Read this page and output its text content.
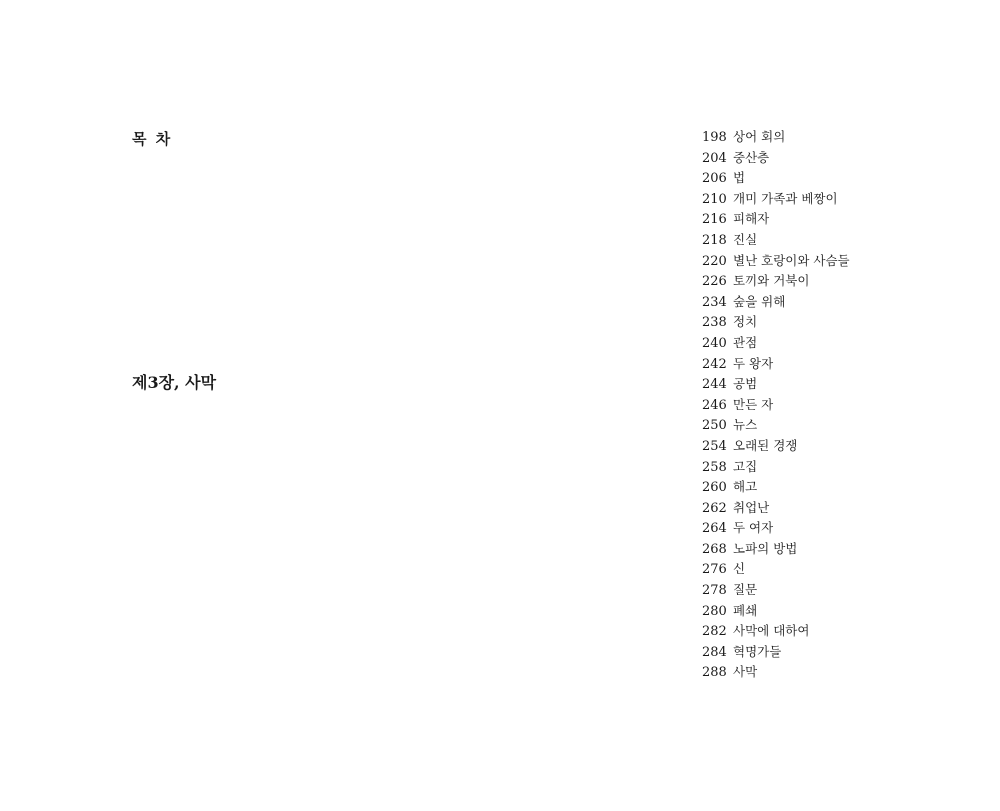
목 차
제3장, 사막
198 상어 회의
204 중산층
206 법
210 개미 가족과 베짱이
216 피해자
218 진실
220 별난 호랑이와 사슴들
226 토끼와 거북이
234 숲을 위해
238 정치
240 관점
242 두 왕자
244 공범
246 만든 자
250 뉴스
254 오래된 경쟁
258 고집
260 해고
262 취업난
264 두 여자
268 노파의 방법
276 신
278 질문
280 폐쇄
282 사막에 대하여
284 혁명가들
288 사막
